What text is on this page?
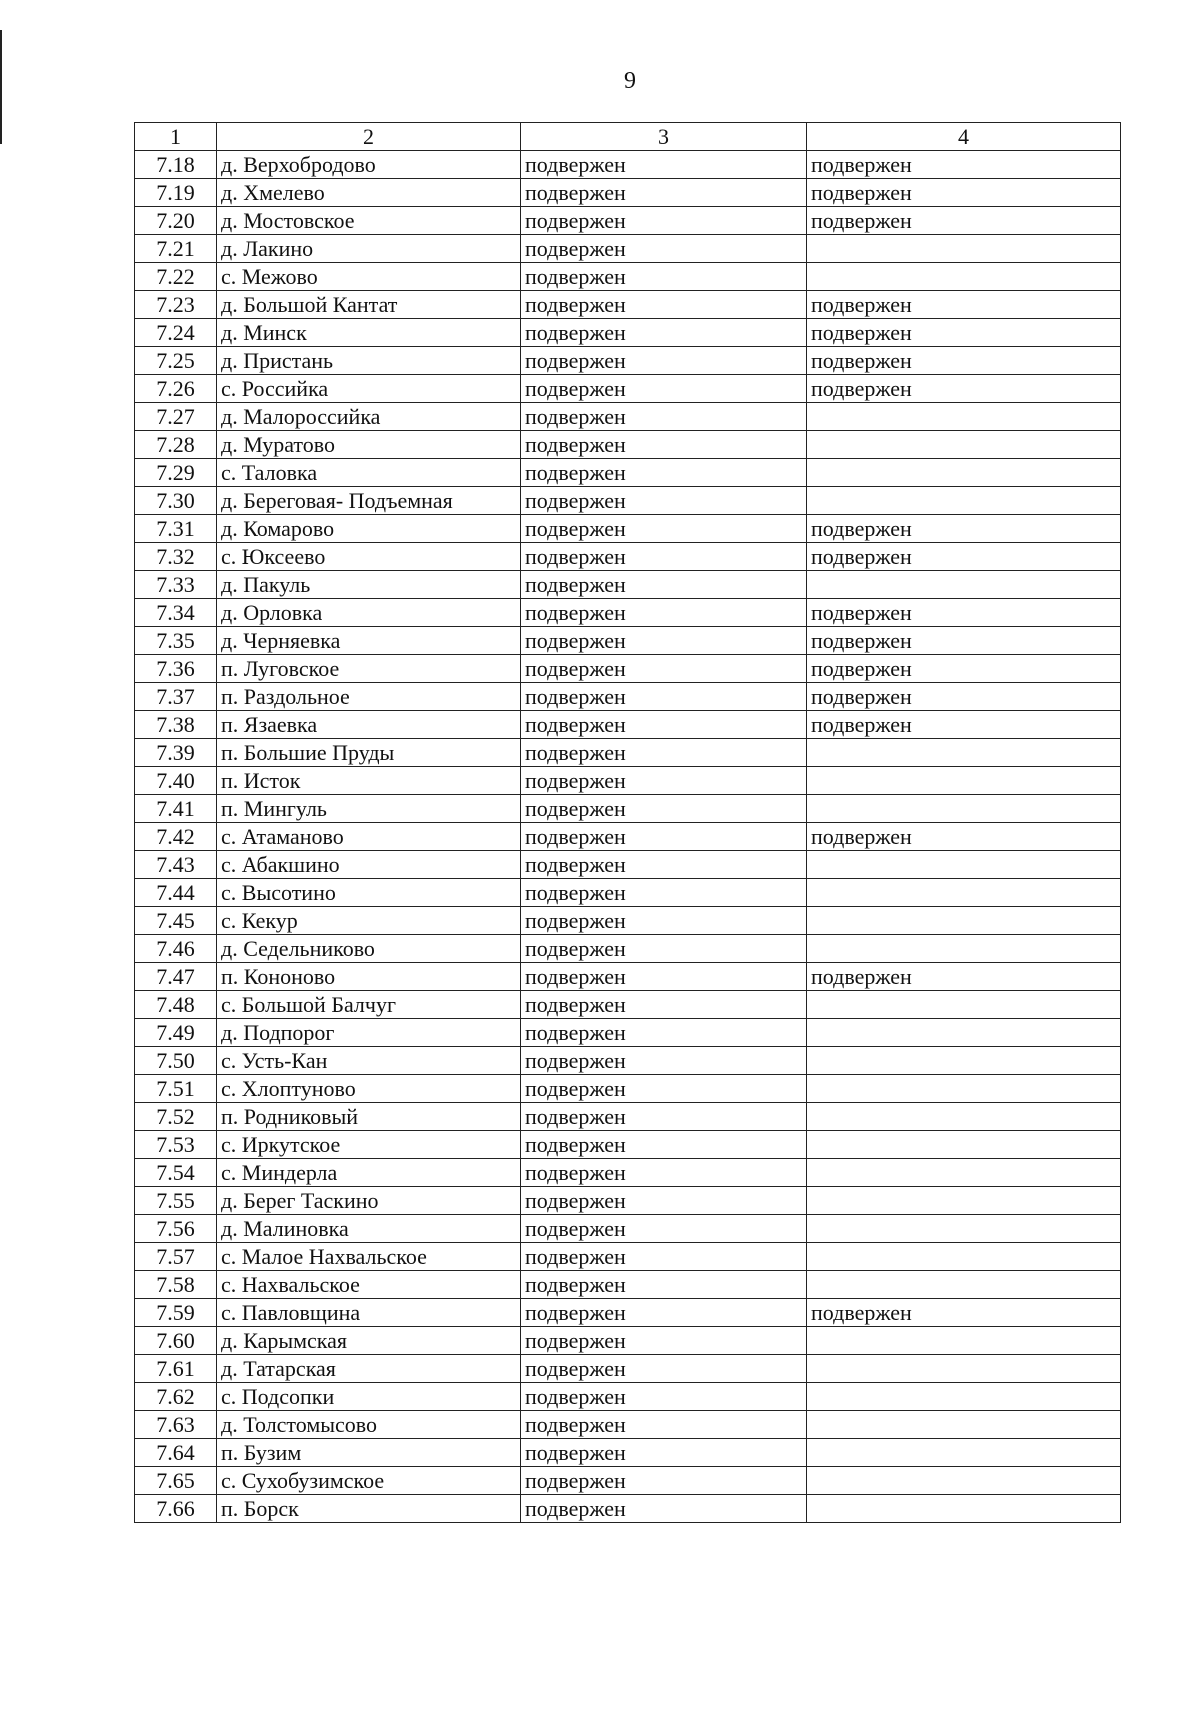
9
1	2	3	4
7.18	д. Верхобродово	подвержен	подвержен
7.19	д. Хмелево	подвержен	подвержен
7.20	д. Мостовское	подвержен	подвержен
7.21	д. Лакино	подвержен	
7.22	с. Межово	подвержен	
7.23	д. Большой Кантат	подвержен	подвержен
7.24	д. Минск	подвержен	подвержен
7.25	д. Пристань	подвержен	подвержен
7.26	с. Российка	подвержен	подвержен
7.27	д. Малороссийка	подвержен	
7.28	д. Муратово	подвержен	
7.29	с. Таловка	подвержен	
7.30	д. Береговая- Подъемная	подвержен	
7.31	д. Комарово	подвержен	подвержен
7.32	с. Юксеево	подвержен	подвержен
7.33	д. Пакуль	подвержен	
7.34	д. Орловка	подвержен	подвержен
7.35	д. Черняевка	подвержен	подвержен
7.36	п. Луговское	подвержен	подвержен
7.37	п. Раздольное	подвержен	подвержен
7.38	п. Язаевка	подвержен	подвержен
7.39	п. Большие Пруды	подвержен	
7.40	п. Исток	подвержен	
7.41	п. Мингуль	подвержен	
7.42	с. Атаманово	подвержен	подвержен
7.43	с. Абакшино	подвержен	
7.44	с. Высотино	подвержен	
7.45	с. Кекур	подвержен	
7.46	д. Седельниково	подвержен	
7.47	п. Кононово	подвержен	подвержен
7.48	с. Большой Балчуг	подвержен	
7.49	д. Подпорог	подвержен	
7.50	с. Усть-Кан	подвержен	
7.51	с. Хлоптуново	подвержен	
7.52	п. Родниковый	подвержен	
7.53	с. Иркутское	подвержен	
7.54	с. Миндерла	подвержен	
7.55	д. Берег Таскино	подвержен	
7.56	д. Малиновка	подвержен	
7.57	с. Малое Нахвальское	подвержен	
7.58	с. Нахвальское	подвержен	
7.59	с. Павловщина	подвержен	подвержен
7.60	д. Карымская	подвержен	
7.61	д. Татарская	подвержен	
7.62	с. Подсопки	подвержен	
7.63	д. Толстомысово	подвержен	
7.64	п. Бузим	подвержен	
7.65	с. Сухобузимское	подвержен	
7.66	п. Борск	подвержен	
